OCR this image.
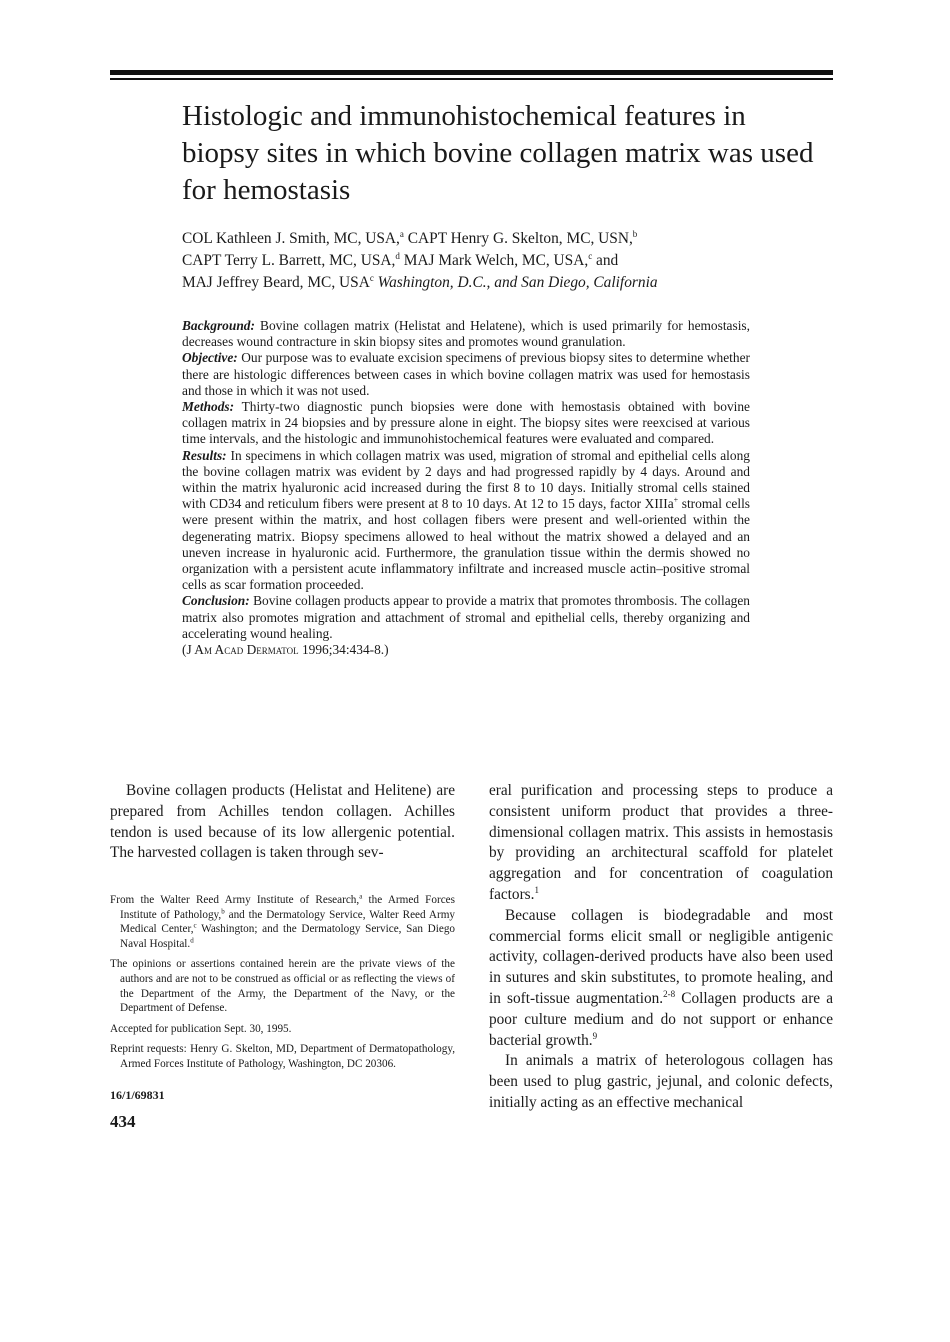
Histologic and immunohistochemical features in biopsy sites in which bovine collagen matrix was used for hemostasis
COL Kathleen J. Smith, MC, USA,$^a$ CAPT Henry G. Skelton, MC, USN,$^b$
CAPT Terry L. Barrett, MC, USA,$^d$ MAJ Mark Welch, MC, USA,$^c$ and
MAJ Jeffrey Beard, MC, USA$^c$ Washington, D.C., and San Diego, California

Background: Bovine collagen matrix (Helistat and Helatene), which is used primarily for hemostasis, decreases wound contracture in skin biopsy sites and promotes wound granulation.

Objective: Our purpose was to evaluate excision specimens of previous biopsy sites to determine whether there are histologic differences between cases in which bovine collagen matrix was used for hemostasis and those in which it was not used.

Methods: Thirty-two diagnostic punch biopsies were done with hemostasis obtained with bovine collagen matrix in 24 biopsies and by pressure alone in eight. The biopsy sites were reexcised at various time intervals, and the histologic and immunohistochemical features were evaluated and compared.

Results: In specimens in which collagen matrix was used, migration of stromal and epithelial cells along the bovine collagen matrix was evident by 2 days and had progressed rapidly by 4 days. Around and within the matrix hyaluronic acid increased during the first 8 to 10 days. Initially stromal cells stained with CD34 and reticulum fibers were present at 8 to 10 days. At 12 to 15 days, factor XIIIa+ stromal cells were present within the matrix, and host collagen fibers were present and well-oriented within the degenerating matrix. Biopsy specimens allowed to heal without the matrix showed a delayed and an uneven increase in hyaluronic acid. Furthermore, the granulation tissue within the dermis showed no organization with a persistent acute inflammatory infiltrate and increased muscle actin–positive stromal cells as scar formation proceeded.

Conclusion: Bovine collagen products appear to provide a matrix that promotes thrombosis. The collagen matrix also promotes migration and attachment of stromal and epithelial cells, thereby organizing and accelerating wound healing.

(J Am Acad Dermatol 1996;34:434-8.)

Bovine collagen products (Helistat and Helitene) are prepared from Achilles tendon collagen. Achilles tendon is used because of its low allergenic potential. The harvested collagen is taken through sev-

From the Walter Reed Army Institute of Research,$^a$ the Armed Forces Institute of Pathology,$^b$ and the Dermatology Service, Walter Reed Army Medical Center,$^c$ Washington; and the Dermatology Service, San Diego Naval Hospital.$^d$

The opinions or assertions contained herein are the private views of the authors and are not to be construed as official or as reflecting the views of the Department of the Army, the Department of the Navy, or the Department of Defense.

Accepted for publication Sept. 30, 1995.

Reprint requests: Henry G. Skelton, MD, Department of Dermatopathology, Armed Forces Institute of Pathology, Washington, DC 20306.

16/1/69831
434

eral purification and processing steps to produce a consistent uniform product that provides a three-dimensional collagen matrix. This assists in hemostasis by providing an architectural scaffold for platelet aggregation and for concentration of coagulation factors.$^1$

Because collagen is biodegradable and most commercial forms elicit small or negligible antigenic activity, collagen-derived products have also been used in sutures and skin substitutes, to promote healing, and in soft-tissue augmentation.$^{2-8}$ Collagen products are a poor culture medium and do not support or enhance bacterial growth.$^9$

In animals a matrix of heterologous collagen has been used to plug gastric, jejunal, and colonic defects, initially acting as an effective mechanical
